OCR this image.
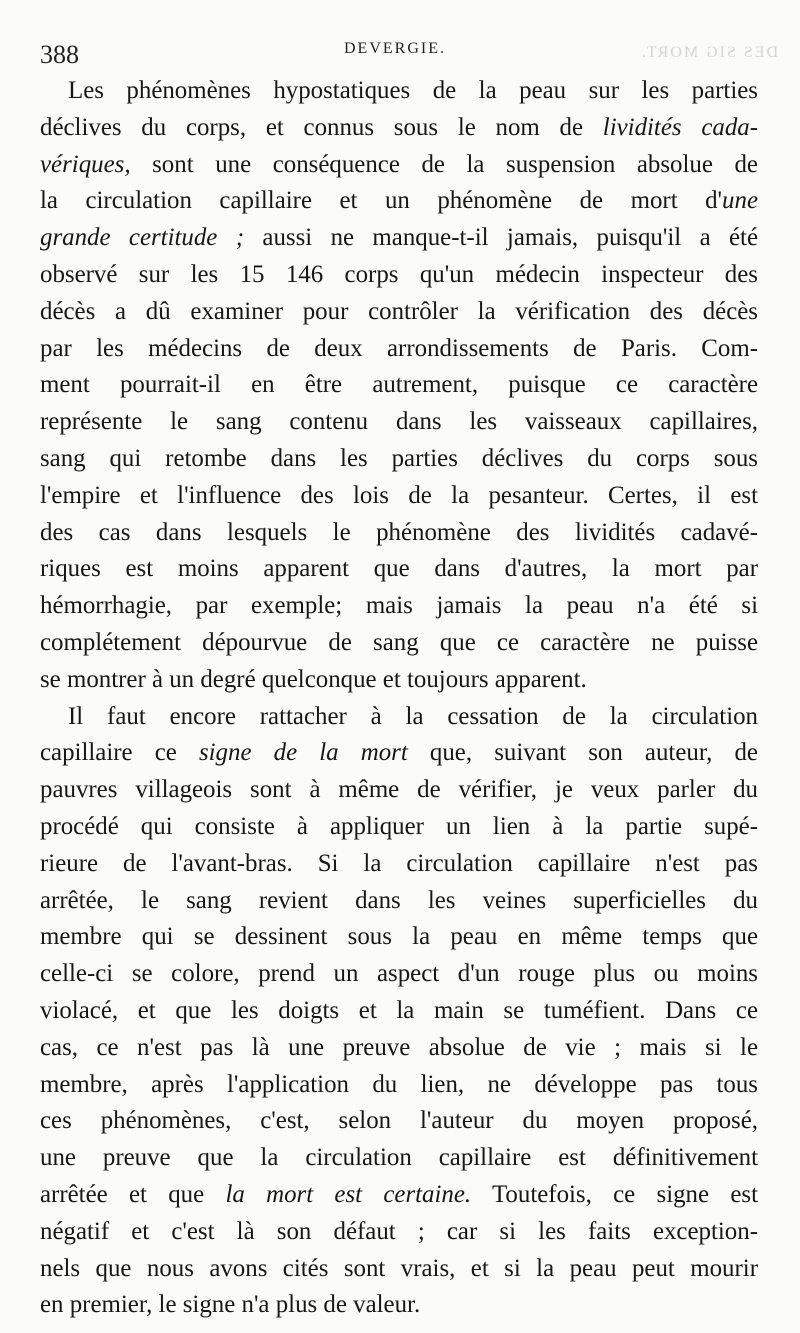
DES SIG MORT.
388	DEVERGIE.
Les phénomènes hypostatiques de la peau sur les parties
déclives du corps, et connus sous le nom de lividités cada-
vériques, sont une conséquence de la suspension absolue de
la circulation capillaire et un phénomène de mort d'une
grande certitude ; aussi ne manque-t-il jamais, puisqu'il a été
observé sur les 15 146 corps qu'un médecin inspecteur des
décès a dû examiner pour contrôler la vérification des décès
par les médecins de deux arrondissements de Paris. Com-
ment pourrait-il en être autrement, puisque ce caractère
représente le sang contenu dans les vaisseaux capillaires,
sang qui retombe dans les parties déclives du corps sous
l'empire et l'influence des lois de la pesanteur. Certes, il est
des cas dans lesquels le phénomène des lividités cadavé-
riques est moins apparent que dans d'autres, la mort par
hémorrhagie, par exemple; mais jamais la peau n'a été si
complétement dépourvue de sang que ce caractère ne puisse
se montrer à un degré quelconque et toujours apparent.
Il faut encore rattacher à la cessation de la circulation
capillaire ce signe de la mort que, suivant son auteur, de
pauvres villageois sont à même de vérifier, je veux parler du
procédé qui consiste à appliquer un lien à la partie supé-
rieure de l'avant-bras. Si la circulation capillaire n'est pas
arrêtée, le sang revient dans les veines superficielles du
membre qui se dessinent sous la peau en même temps que
celle-ci se colore, prend un aspect d'un rouge plus ou moins
violacé, et que les doigts et la main se tuméfient. Dans ce
cas, ce n'est pas là une preuve absolue de vie ; mais si le
membre, après l'application du lien, ne développe pas tous
ces phénomènes, c'est, selon l'auteur du moyen proposé,
une preuve que la circulation capillaire est définitivement
arrêtée et que la mort est certaine. Toutefois, ce signe est
négatif et c'est là son défaut ; car si les faits exception-
nels que nous avons cités sont vrais, et si la peau peut mourir
en premier, le signe n'a plus de valeur.
